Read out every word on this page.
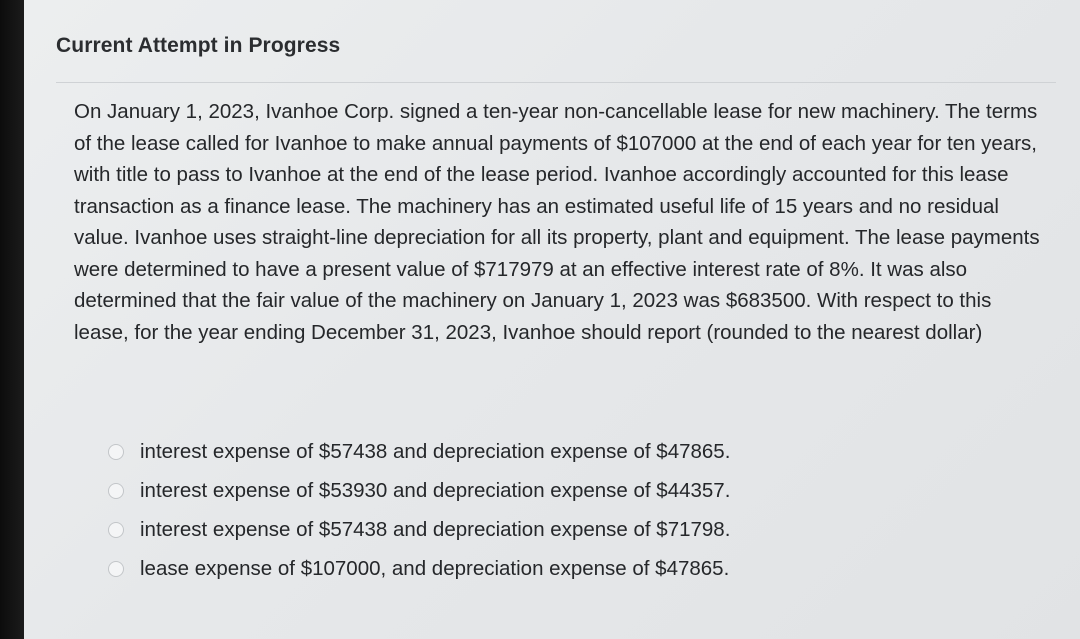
Current Attempt in Progress

On January 1, 2023, Ivanhoe Corp. signed a ten-year non-cancellable lease for new machinery. The terms of the lease called for Ivanhoe to make annual payments of $107000 at the end of each year for ten years, with title to pass to Ivanhoe at the end of the lease period. Ivanhoe accordingly accounted for this lease transaction as a finance lease. The machinery has an estimated useful life of 15 years and no residual value. Ivanhoe uses straight-line depreciation for all its property, plant and equipment. The lease payments were determined to have a present value of $717979 at an effective interest rate of 8%. It was also determined that the fair value of the machinery on January 1, 2023 was $683500. With respect to this lease, for the year ending December 31, 2023, Ivanhoe should report (rounded to the nearest dollar)

interest expense of $57438 and depreciation expense of $47865.
interest expense of $53930 and depreciation expense of $44357.
interest expense of $57438 and depreciation expense of $71798.
lease expense of $107000, and depreciation expense of $47865.
